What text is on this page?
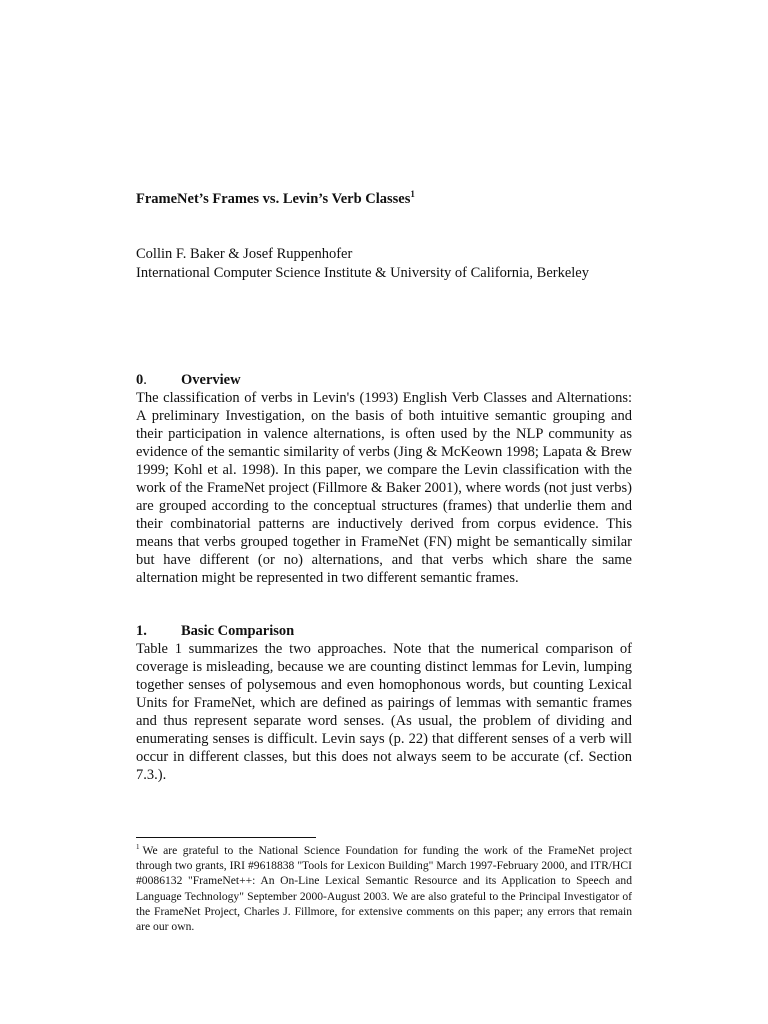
FrameNet’s Frames vs. Levin’s Verb Classes$^1$
Collin F. Baker & Josef Ruppenhofer
International Computer Science Institute & University of California, Berkeley
0. Overview

The classification of verbs in Levin's (1993) English Verb Classes and Alternations: A preliminary Investigation, on the basis of both intuitive semantic grouping and their participation in valence alternations, is often used by the NLP community as evidence of the semantic similarity of verbs (Jing & McKeown 1998; Lapata & Brew 1999; Kohl et al. 1998). In this paper, we compare the Levin classification with the work of the FrameNet project (Fillmore & Baker 2001), where words (not just verbs) are grouped according to the conceptual structures (frames) that underlie them and their combinatorial patterns are inductively derived from corpus evidence. This means that verbs grouped together in FrameNet (FN) might be semantically similar but have different (or no) alternations, and that verbs which share the same alternation might be represented in two different semantic frames.

1. Basic Comparison

Table 1 summarizes the two approaches. Note that the numerical comparison of coverage is misleading, because we are counting distinct lemmas for Levin, lumping together senses of polysemous and even homophonous words, but counting Lexical Units for FrameNet, which are defined as pairings of lemmas with semantic frames and thus represent separate word senses. (As usual, the problem of dividing and enumerating senses is difficult. Levin says (p. 22) that different senses of a verb will occur in different classes, but this does not always seem to be accurate (cf. Section 7.3.).

$^1$ We are grateful to the National Science Foundation for funding the work of the FrameNet project through two grants, IRI #9618838 "Tools for Lexicon Building" March 1997-February 2000, and ITR/HCI #0086132 "FrameNet++: An On-Line Lexical Semantic Resource and its Application to Speech and Language Technology" September 2000-August 2003. We are also grateful to the Principal Investigator of the FrameNet Project, Charles J. Fillmore, for extensive comments on this paper; any errors that remain are our own.
